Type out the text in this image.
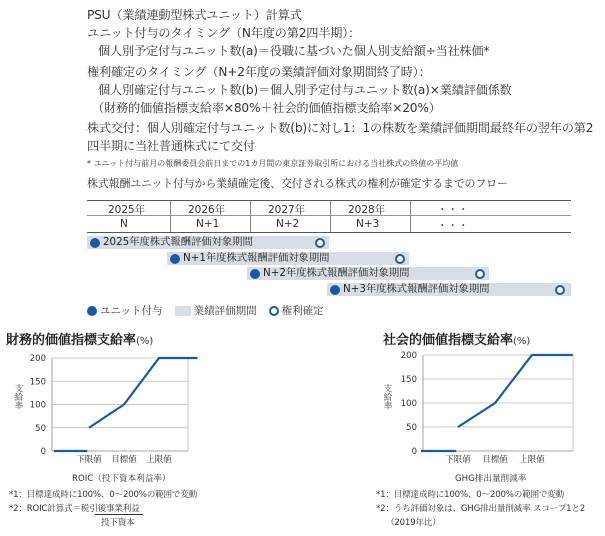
PSU（業績連動型株式ユニット）計算式
ユニット付与のタイミング（N年度の第2四半期）：
個人別予定付与ユニット数(a)＝役職に基づいた個人別支給額÷当社株価*
権利確定のタイミング（N+2年度の業績評価対象期間終了時）：
個人別確定付与ユニット数(b)＝個人別予定付与ユニット数(a)×業績評価係数
（財務的価値指標支給率×80%＋社会的価値指標支給率×20%）
株式交付：個人別確定付与ユニット数(b)に対し1：1の株数を業績評価期間最終年の翌年の第2
四半期に当社普通株式にて交付
* ユニット付与前月の報酬委員会前日までの1カ月間の東京証券取引所における当社株式の終値の平均値
株式報酬ユニット付与から業績確定後、交付される株式の権利が確定するまでのフロー
2025年	2026年	2027年	2028年	・・・
N	N+1	N+2	N+3	・・・
2025年度株式報酬評価対象期間
N+1年度株式報酬評価対象期間
N+2年度株式報酬評価対象期間
N+3年度株式報酬評価対象期間
ユニット付与	業績評価期間 権利確定
財務的価値指標支給率(%)
支給率
ROIC（投下資本利益率）
社会的価値指標支給率(%)
支給率
GHG排出量削減率
0
50
100
150
200
下限値 目標値 上限値
0
50
100
150
200
下限値 目標値 上限値
*1：目標達成時に100%、0～200%の範囲で変動
*2：ROIC計算式＝税引後事業利益
投下資本
*1：目標達成時に100%、0～200%の範囲で変動
*2：うち評価対象は、GHG排出量削減率 スコープ1と2
（2019年比）
